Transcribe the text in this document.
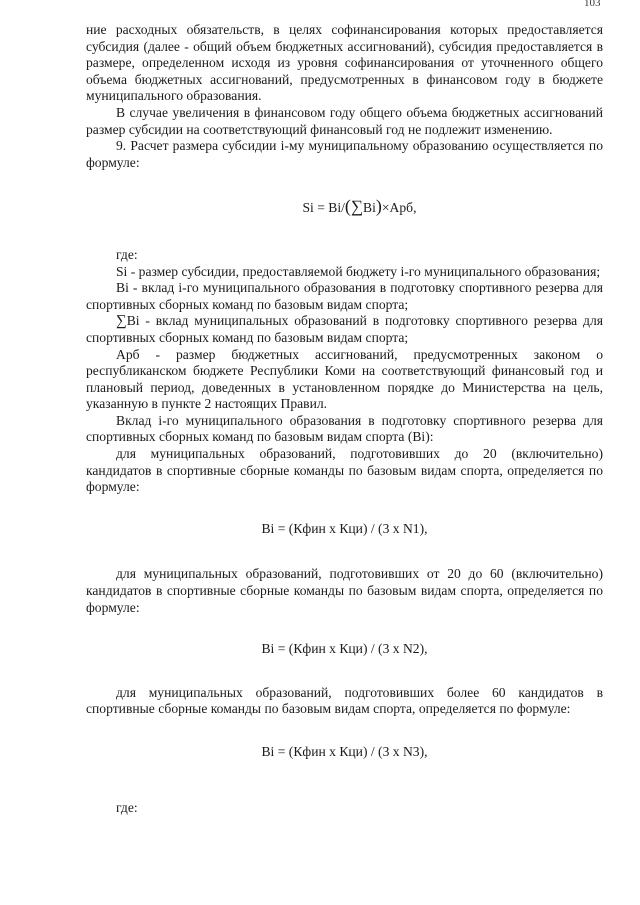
103

ние расходных обязательств, в целях софинансирования которых предоставляется субсидия (далее - общий объем бюджетных ассигнований), субсидия предоставляется в размере, определенном исходя из уровня софинансирования от уточненного общего объема бюджетных ассигнований, предусмотренных в финансовом году в бюджете муниципального образования.

В случае увеличения в финансовом году общего объема бюджетных ассигнований размер субсидии на соответствующий финансовый год не подлежит изменению.

9. Расчет размера субсидии i-му муниципальному образованию осуществляется по формуле:

Si = Bi/(∑Bi)×Арб,

где:

Si - размер субсидии, предоставляемой бюджету i-го муниципального образования;

Bi - вклад i-го муниципального образования в подготовку спортивного резерва для спортивных сборных команд по базовым видам спорта;

∑Bi - вклад муниципальных образований в подготовку спортивного резерва для спортивных сборных команд по базовым видам спорта;

Арб - размер бюджетных ассигнований, предусмотренных законом о республиканском бюджете Республики Коми на соответствующий финансовый год и плановый период, доведенных в установленном порядке до Министерства на цель, указанную в пункте 2 настоящих Правил.

Вклад i-го муниципального образования в подготовку спортивного резерва для спортивных сборных команд по базовым видам спорта (Bi):

для муниципальных образований, подготовивших до 20 (включительно) кандидатов в спортивные сборные команды по базовым видам спорта, определяется по формуле:

Bi = (Кфин х Кци) / (3 х N1),

для муниципальных образований, подготовивших от 20 до 60 (включительно) кандидатов в спортивные сборные команды по базовым видам спорта, определяется по формуле:

Bi = (Кфин х Кци) / (3 х N2),

для муниципальных образований, подготовивших более 60 кандидатов в спортивные сборные команды по базовым видам спорта, определяется по формуле:

Bi = (Кфин х Кци) / (3 х N3),

где:
